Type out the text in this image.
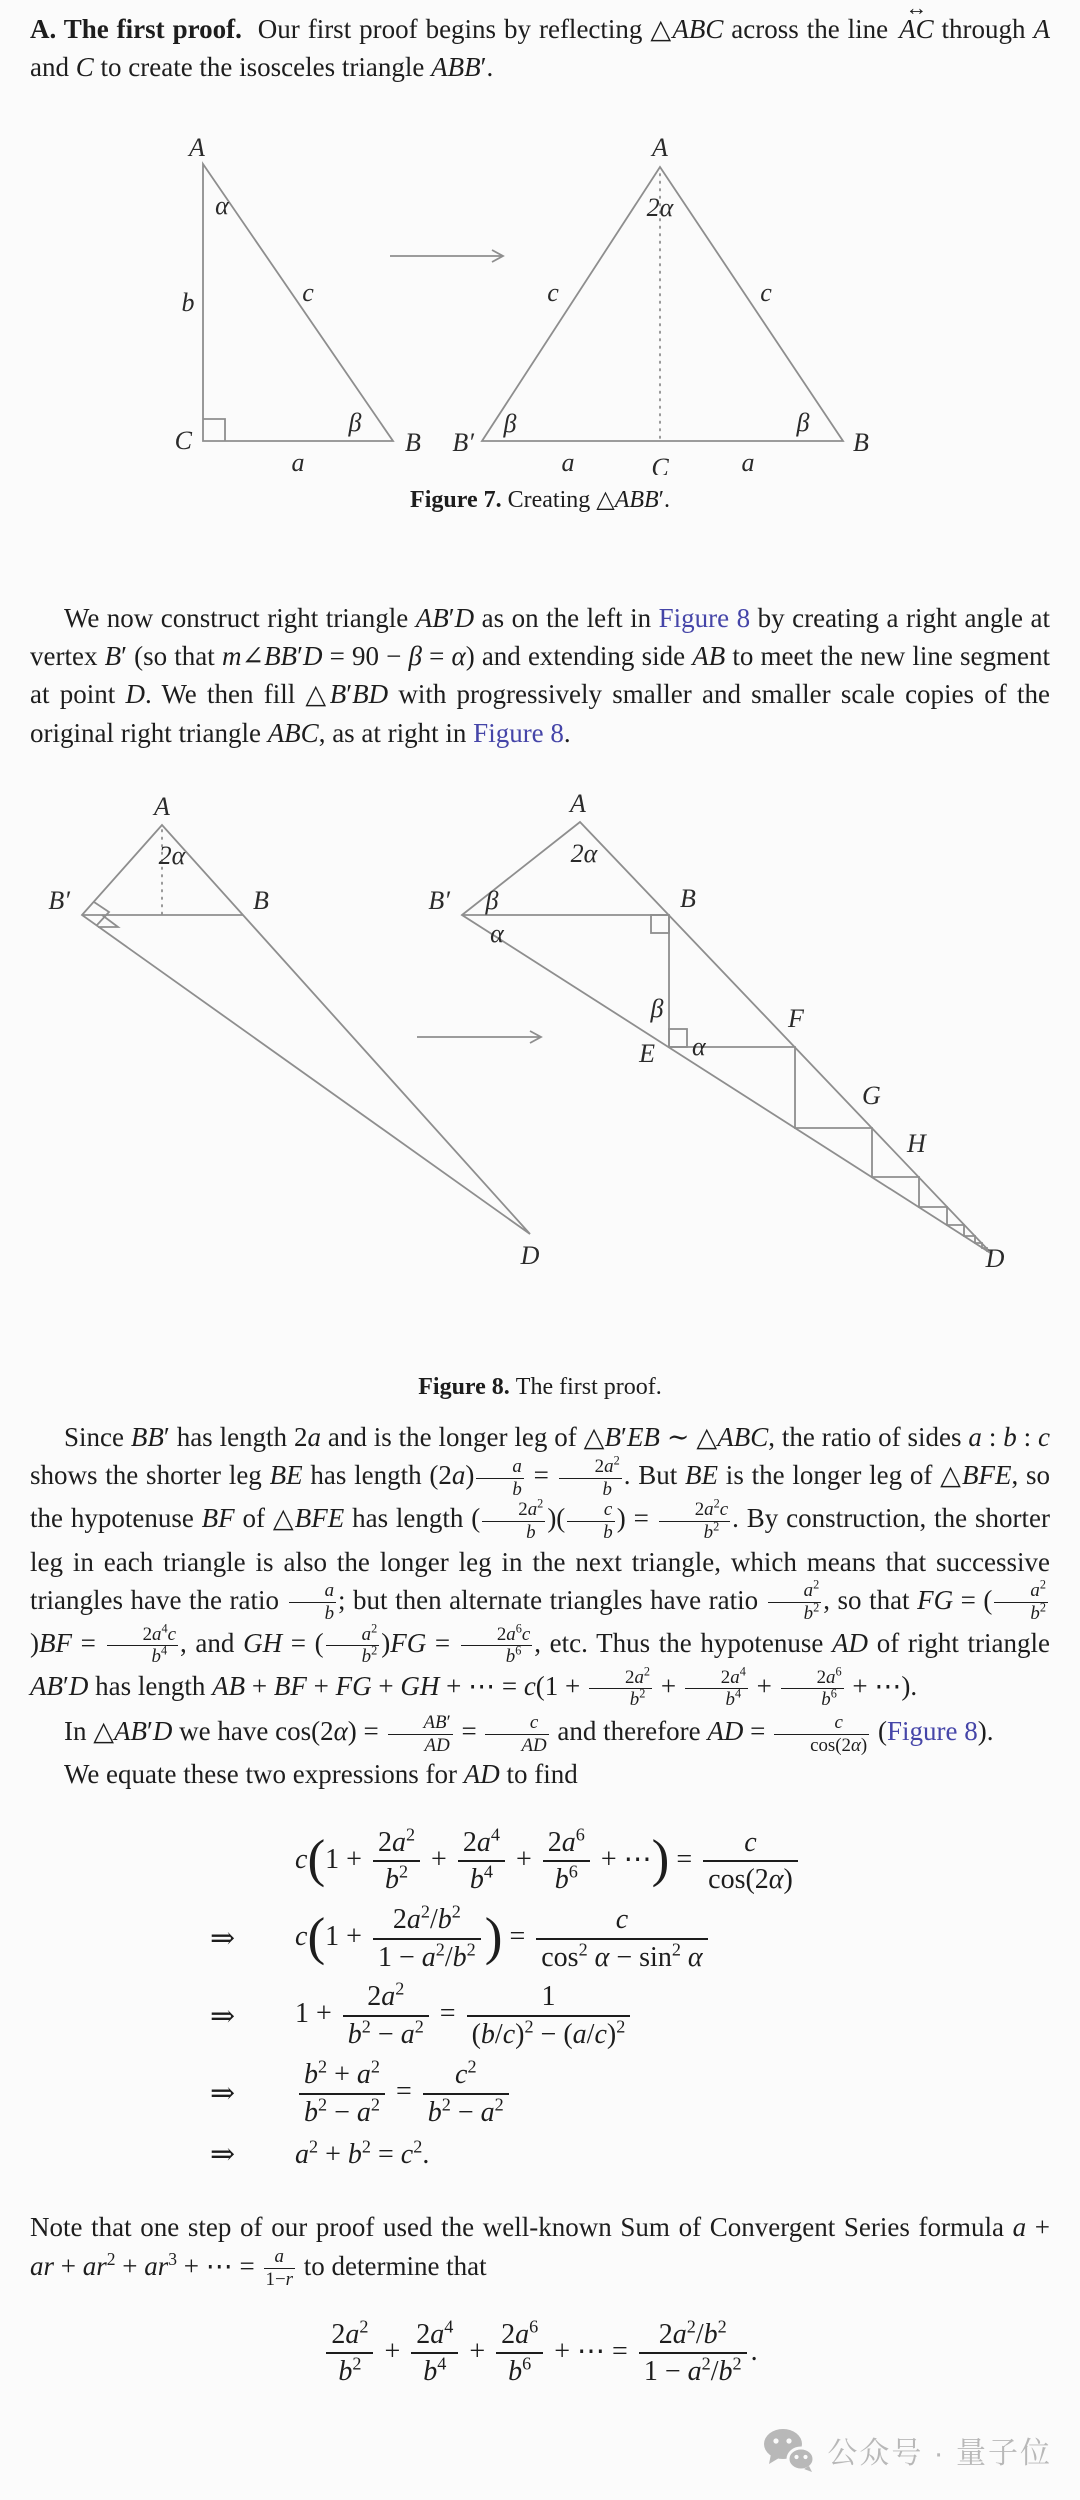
A. The first proof.  Our first proof begins by reflecting △ABC across the line
↔
AC through A and C to create the isosceles triangle ABB′.

A
α
b	c
C
a
β
B
A
2α
c	c
β	β
B′	B
a	a
C
Figure 7. Creating △ABB′.

We now construct right triangle AB′D as on the left in Figure 8 by creating a right angle at vertex B′ (so that m∠BB′D = 90 − β = α) and extending side AB to meet the new line segment at point D. We then fill △B′BD with progressively smaller and smaller scale copies of the original right triangle ABC, as at right in Figure 8.

A
2α
B′	B
D
A
2α
B′ β
α
B
β
E α
F
G
H
D
Figure 8. The first proof.

Since BB′ has length 2a and is the longer leg of △B′EB ∼ △ABC, the ratio of sides a : b : c shows the shorter leg BE has length $(2a) \frac{a}{b} = \frac{2a^2}{b}$ . But BE is the longer leg of △BFE, so the hypotenuse BF of △BFE has length ( $\frac{2a^2}{b}$ )( $\frac{c}{b}$ ) = $\frac{2a^2c}{b^2}$ . By construction, the shorter leg in each triangle is also the longer leg in the next triangle, which means that successive triangles have the ratio $\frac{a}{b}$ ; but then alternate triangles have ratio $\frac{a^2}{b^2}$ , so that FG = ( $\frac{a^2}{b^2}$
)$BF = \frac{2a^4c}{b^4}$ , and GH = ( $\frac{a^2}{b^2} )FG = \frac{2a^6c}{b^6}$ , etc. Thus the hypotenuse AD of right triangle AB′D has length AB + BF + FG + GH + ⋯ = $c(1 + \frac{2a^2}{b^2} + \frac{2a^4}{b^4} + \frac{2a^6}{b^6}$ + ⋯).

In △AB′D we have $\cos(2\alpha) = \frac{AB'}{AD} = \frac{c}{AD}$ and therefore AD = $\frac{c}{\cos(2\alpha)}$ (Figure 8).

We equate these two expressions for AD to find

$c(1 + \frac{2a^2}{b^2} + \frac{2a^4}{b^4} + \frac{2a^6}{b^6}$ + ⋯) = $\frac{c}{\cos(2\alpha)}$
⇒	$c(1 + \frac{2a^2/b^2}{1 - a^2/b^2}$ ) = $\frac{c}{\cos^2 \alpha - \sin^2 \alpha}$
⇒	$1 + \frac{2a^2}{b^2 - a^2} = \frac{1}{(b/c)^2 - (a/c)^2}$
⇒	$\frac{b^2 + a^2}{b^2 - a^2} = \frac{c^2}{b^2 - a^2}$
⇒	$a^2 + b^2 = c^2$.

Note that one step of our proof used the well-known Sum of Convergent Series formula a + ar + $ar^2 + ar^3$ + ⋯ = $\frac{a}{1-r}$ to determine that

$\frac{2a^2}{b^2} + \frac{2a^4}{b^4} + \frac{2a^6}{b^6}$ + ⋯ = $\frac{2a^2/b^2}{1 - a^2/b^2}$ .
公众号 · 量子位
